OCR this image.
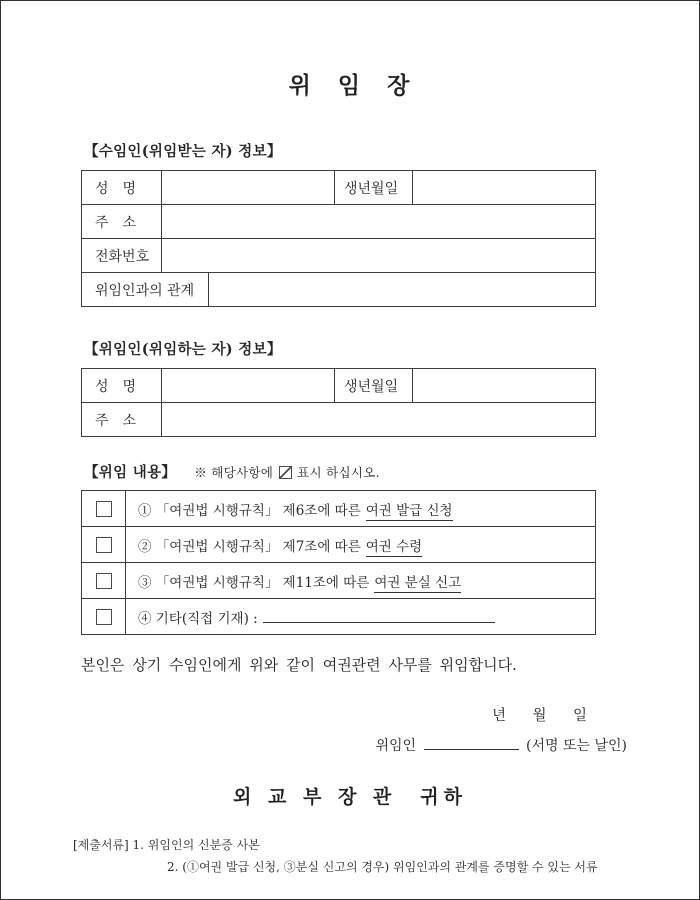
위　임　장
【수임인(위임받는 자) 정보】
성　명			생년월일	
주　소				
전화번호				
위임인과의 관계				
【위임인(위임하는 자) 정보】
성　명		생년월일	
주　소			
【위임 내용】 ※ 해당사항에 표시 하십시오.
	① 「여권법 시행규칙」 제6조에 따른 여권 발급 신청
	② 「여권법 시행규칙」 제7조에 따른 여권 수령
	③ 「여권법 시행규칙」 제11조에 따른 여권 분실 신고
	④ 기타(직접 기재) :

본인은 상기 수임인에게 위와 같이 여권관련 사무를 위임합니다.

년　월　일
위임인	(서명 또는 날인)
외 교 부 장 관　귀하
[제출서류] 1. 위임인의 신분증 사본
2. (①여권 발급 신청, ③분실 신고의 경우) 위임인과의 관계를 증명할 수 있는 서류
